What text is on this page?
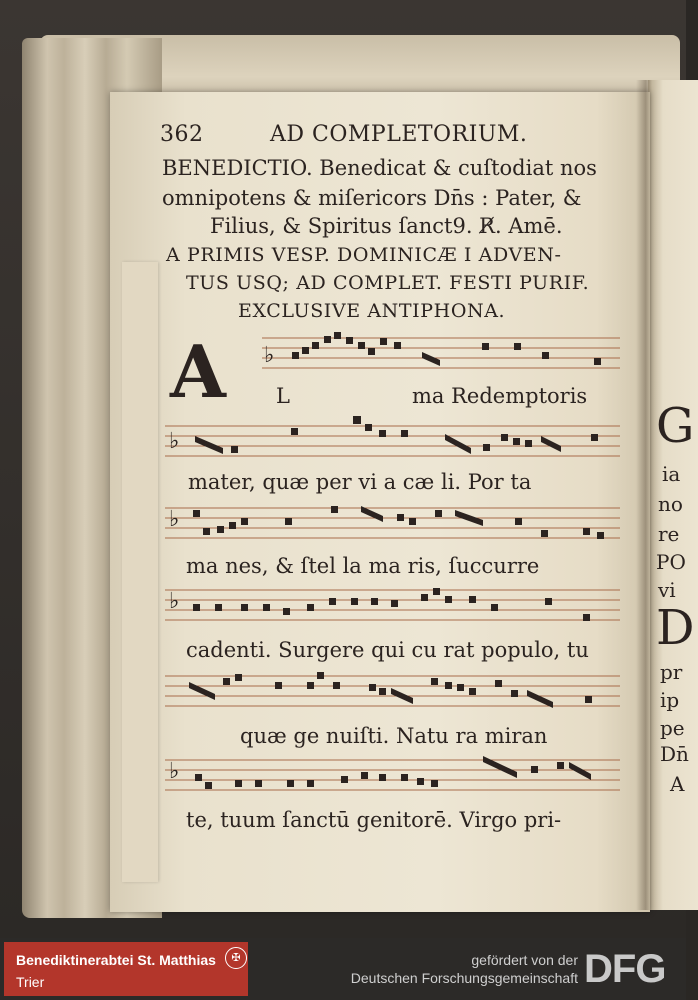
G
ia
no
re
PO
vi
D
pr
ip
pe
Dn̄
A
362	AD COMPLETORIUM.
BENEDICTIO. Benedicat & cuſtodiat nos
omnipotens & miſericors Dn̄s : Pater, &
Filius, & Spiritus ſanct9. R̸. Amē.
A PRIMIS VESP. DOMINICÆ I ADVEN-
TUS USQ; AD COMPLET. FESTI PURIF.
EXCLUSIVE ANTIPHONA.
♭
A L	ma Redemptoris
♭
mater, quæ per vi a cæ li. Por ta
♭
ma nes, & ſtel la ma ris, ſuccurre
♭
cadenti. Surgere qui cu rat populo, tu
quæ ge nuiſti. Natu ra miran
♭
te, tuum ſanctū genitorē. Virgo pri-
Benediktinerabtei St. Matthias
Trier
✠	gefördert von der
Deutschen Forschungsgemeinschaft DFG
